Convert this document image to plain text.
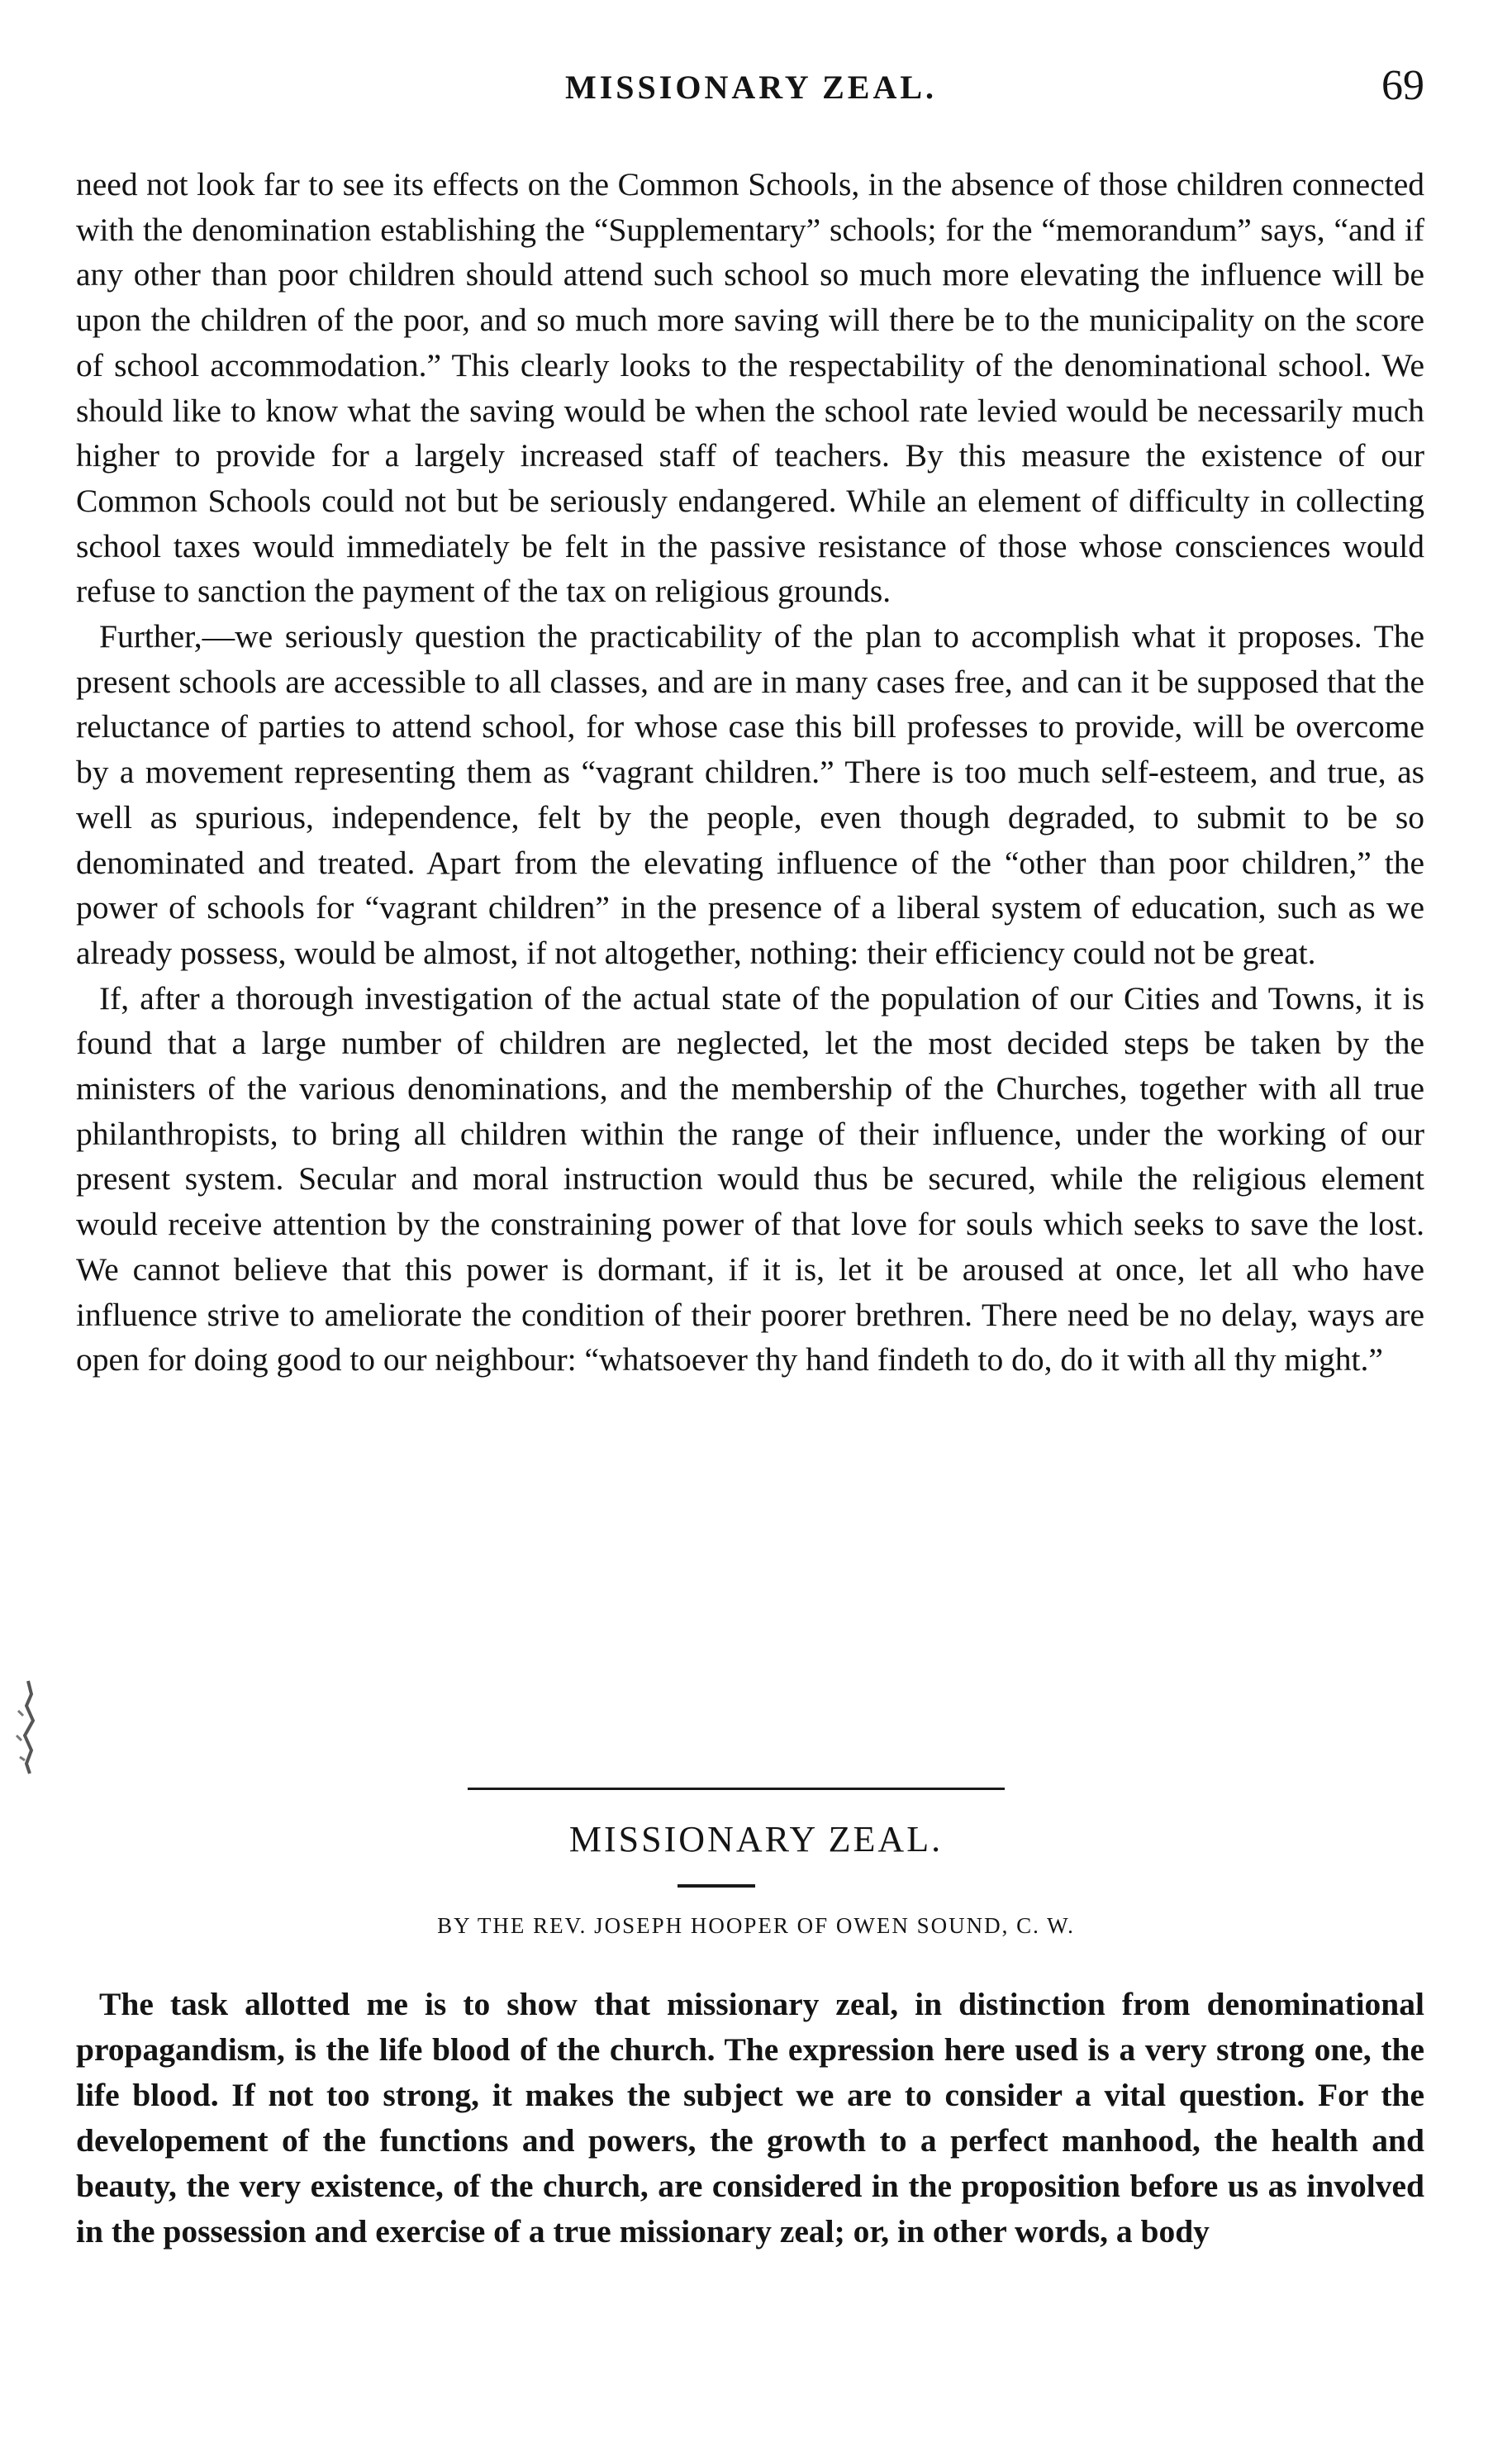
MISSIONARY ZEAL.	69

need not look far to see its effects on the Common Schools, in the absence of those children connected with the denomination establishing the “Supplementary” schools; for the “memorandum” says, “and if any other than poor children should attend such school so much more elevating the influence will be upon the children of the poor, and so much more saving will there be to the municipality on the score of school accommodation.” This clearly looks to the respectability of the denominational school. We should like to know what the saving would be when the school rate levied would be necessarily much higher to provide for a largely increased staff of teachers. By this measure the existence of our Common Schools could not but be seriously endangered. While an element of difficulty in collecting school taxes would immediately be felt in the passive resistance of those whose consciences would refuse to sanction the payment of the tax on religious grounds.

Further,—we seriously question the practicability of the plan to accomplish what it proposes. The present schools are accessible to all classes, and are in many cases free, and can it be supposed that the reluctance of parties to attend school, for whose case this bill professes to provide, will be overcome by a movement representing them as “vagrant children.” There is too much self-esteem, and true, as well as spurious, independence, felt by the people, even though degraded, to submit to be so denominated and treated. Apart from the elevating influence of the “other than poor children,” the power of schools for “vagrant children” in the presence of a liberal system of education, such as we already possess, would be almost, if not altogether, nothing: their efficiency could not be great.

If, after a thorough investigation of the actual state of the population of our Cities and Towns, it is found that a large number of children are neglected, let the most decided steps be taken by the ministers of the various denominations, and the membership of the Churches, together with all true philanthropists, to bring all children within the range of their influence, under the working of our present system. Secular and moral instruction would thus be secured, while the religious element would receive attention by the constraining power of that love for souls which seeks to save the lost. We cannot believe that this power is dormant, if it is, let it be aroused at once, let all who have influence strive to ameliorate the condition of their poorer brethren. There need be no delay, ways are open for doing good to our neighbour: “whatsoever thy hand findeth to do, do it with all thy might.”

MISSIONARY ZEAL.
BY THE REV. JOSEPH HOOPER OF OWEN SOUND, C. W.

The task allotted me is to show that missionary zeal, in distinction from denominational propagandism, is the life blood of the church. The expression here used is a very strong one, the life blood. If not too strong, it makes the subject we are to consider a vital question. For the developement of the functions and powers, the growth to a perfect manhood, the health and beauty, the very existence, of the church, are considered in the proposition before us as involved in the possession and exercise of a true missionary zeal; or, in other words, a body
